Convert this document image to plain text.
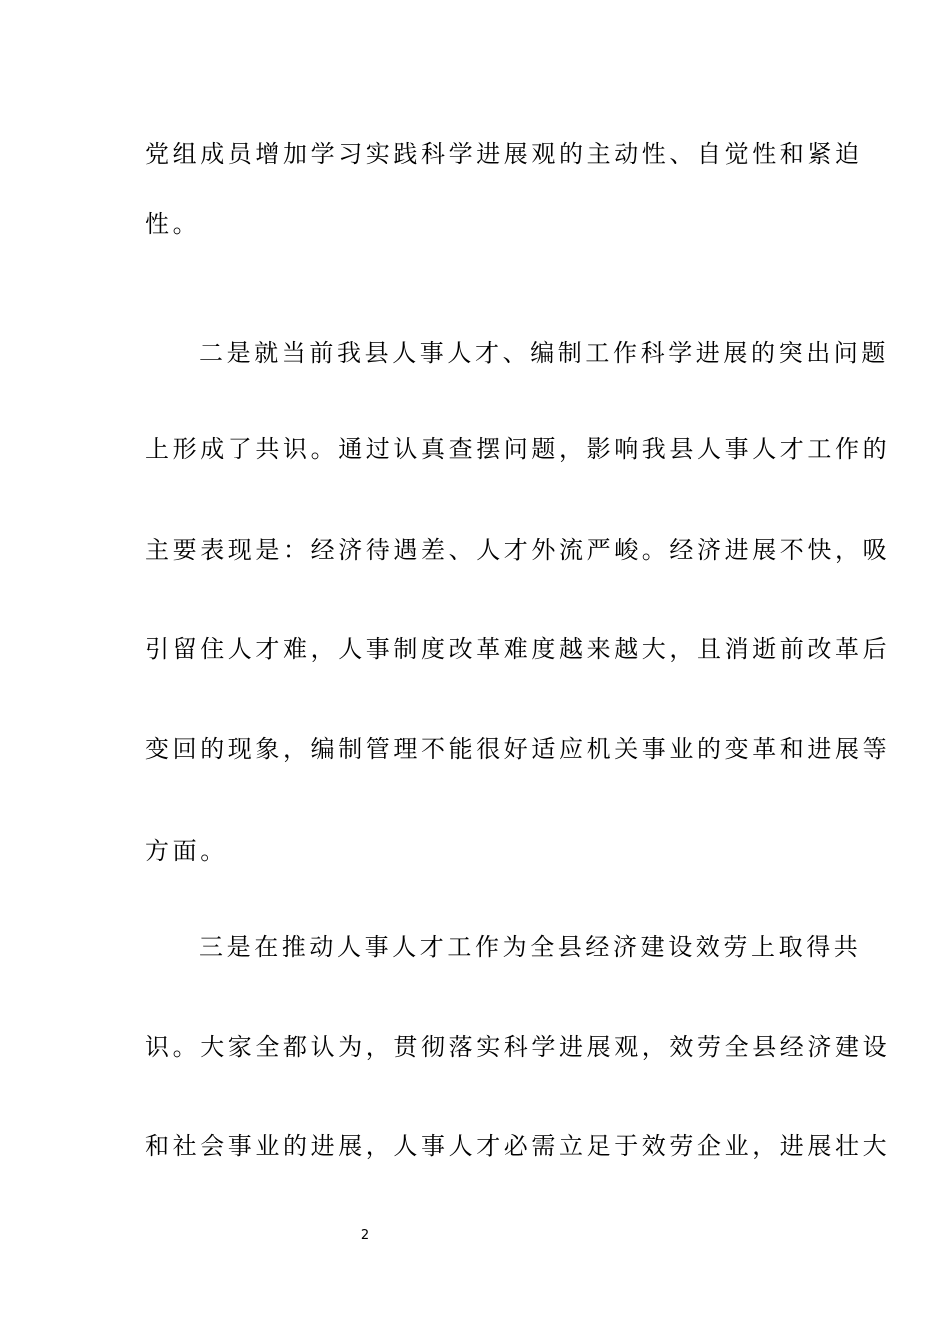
党组成员增加学习实践科学进展观的主动性、自觉性和紧迫
性。
二是就当前我县人事人才、编制工作科学进展的突出问题
上形成了共识。通过认真查摆问题，影响我县人事人才工作的
主要表现是：经济待遇差、人才外流严峻。经济进展不快，吸
引留住人才难，人事制度改革难度越来越大，且消逝前改革后
变回的现象，编制管理不能很好适应机关事业的变革和进展等
方面。
三是在推动人事人才工作为全县经济建设效劳上取得共
识。大家全都认为，贯彻落实科学进展观，效劳全县经济建设
和社会事业的进展，人事人才必需立足于效劳企业，进展壮大
2
